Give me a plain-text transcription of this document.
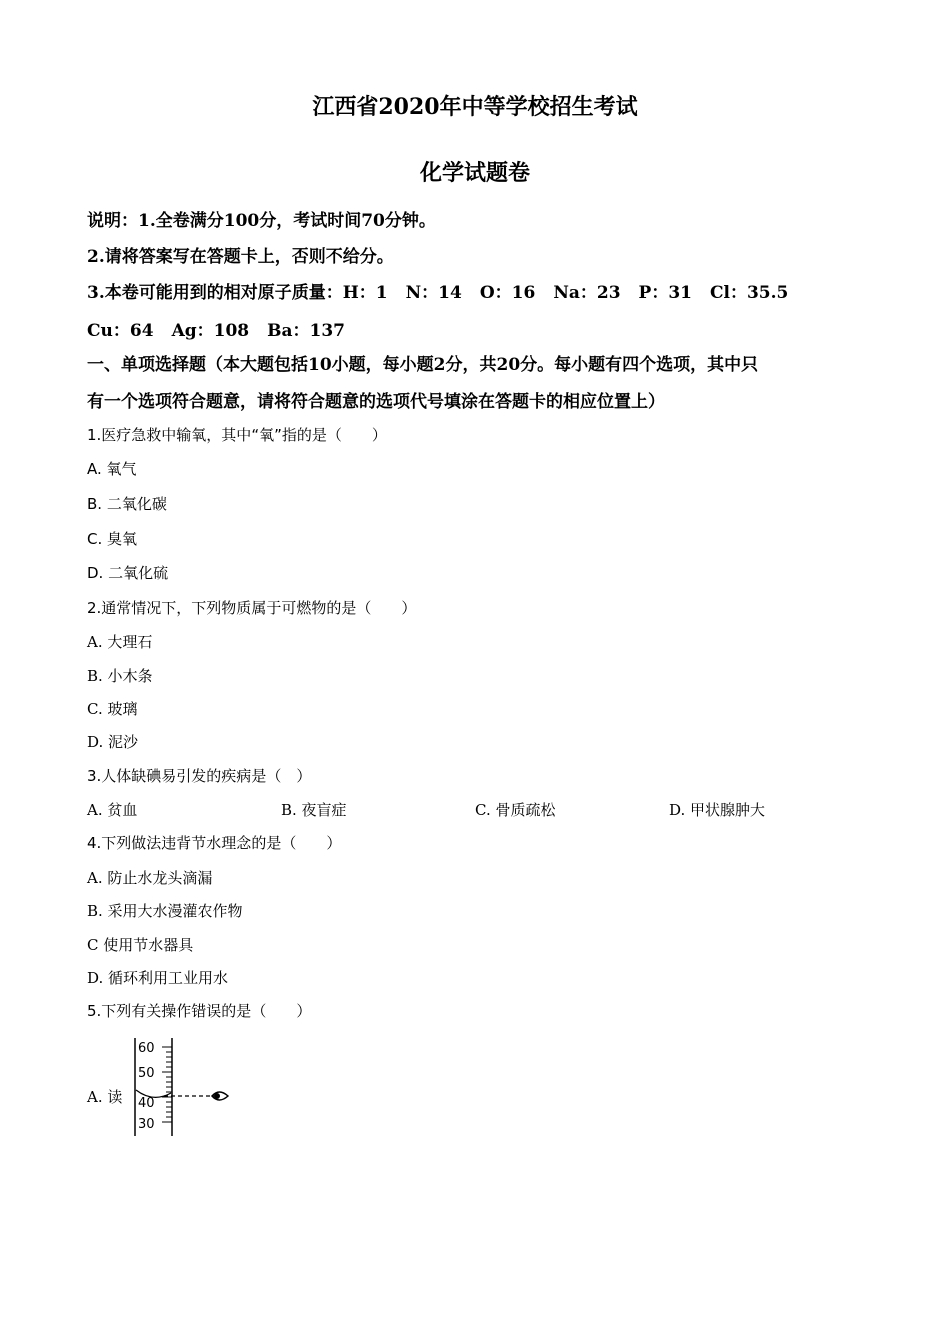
江西省2020年中等学校招生考试
化学试题卷
说明：1.全卷满分100分，考试时间70分钟。
2.请将答案写在答题卡上，否则不给分。
3.本卷可能用到的相对原子质量：H：1 N：14 O：16 Na：23 P：31 Cl：35.5
Cu：64 Ag：108 Ba：137
一、单项选择题（本大题包括10小题，每小题2分，共20分。每小题有四个选项，其中只
有一个选项符合题意，请将符合题意的选项代号填涂在答题卡的相应位置上）
1.医疗急救中输氧，其中“氧”指的是（　　）
A. 氧气
B. 二氧化碳
C. 臭氧
D. 二氧化硫
2.通常情况下，下列物质属于可燃物的是（　　）
A. 大理石
B. 小木条
C. 玻璃
D. 泥沙
3.人体缺碘易引发的疾病是（　）
A. 贫血	B. 夜盲症	C. 骨质疏松	D. 甲状腺肿大
4.下列做法违背节水理念的是（　　）
A. 防止水龙头滴漏
B. 采用大水漫灌农作物
C 使用节水器具
D. 循环利用工业用水
5.下列有关操作错误的是（　　）
A. 读
60
50
40
30
